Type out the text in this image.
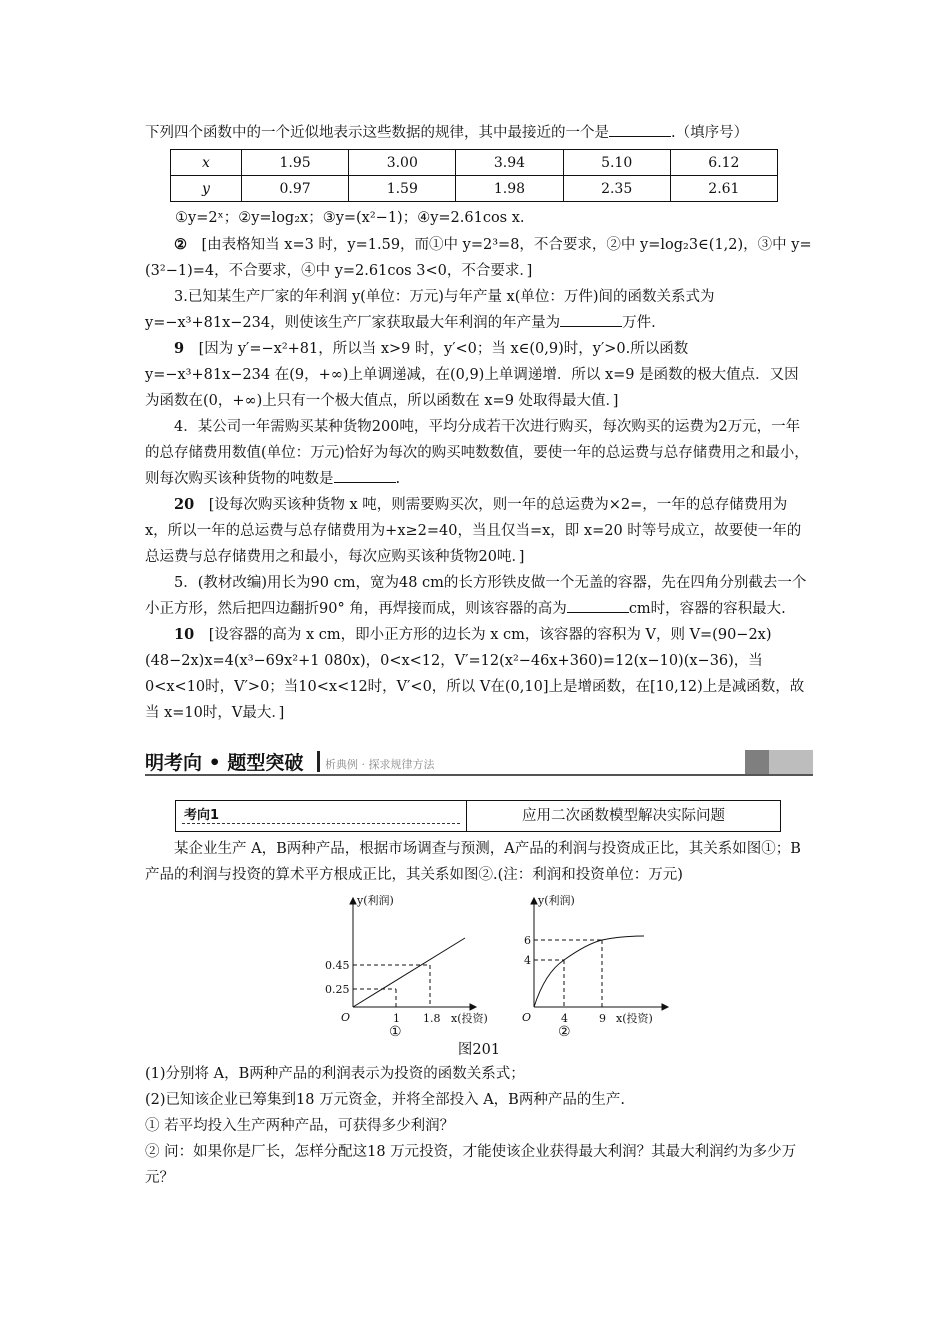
下列四个函数中的一个近似地表示这些数据的规律，其中最接近的一个是	.（填序号）

x	1.95	3.00	3.94	5.10	6.12
y	0.97	1.59	1.98	2.35	2.61

①y=2ˣ；②y=log₂x；③y=(x²−1)；④y=2.61cos x.

②　 [由表格知当 x=3 时，y=1.59，而①中 y=2³=8，不合要求，②中 y=log₂3∈(1,2)，③中 y=(3²−1)=4，不合要求，④中 y=2.61cos 3<0，不合要求．]

3.已知某生产厂家的年利润 y(单位：万元)与年产量 x(单位：万件)间的函数关系式为 y=−x³+81x−234，则使该生产厂家获取最大年利润的年产量为	万件.

9　 [因为 y′=−x²+81，所以当 x>9 时，y′<0；当 x∈(0,9)时，y′>0.所以函数 y=−x³+81x−234 在(9，+∞)上单调递减，在(0,9)上单调递增．所以 x=9 是函数的极大值点．又因为函数在(0，+∞)上只有一个极大值点，所以函数在 x=9 处取得最大值．]

4．某公司一年需购买某种货物200吨，平均分成若干次进行购买，每次购买的运费为2万元，一年的总存储费用数值(单位：万元)恰好为每次的购买吨数数值，要使一年的总运费与总存储费用之和最小，则每次购买该种货物的吨数是	.

20　 [设每次购买该种货物 x 吨，则需要购买次，则一年的总运费为×2=，一年的总存储费用为 x，所以一年的总运费与总存储费用为+x≥2=40，当且仅当=x，即 x=20 时等号成立，故要使一年的总运费与总存储费用之和最小，每次应购买该种货物20吨．]

5．(教材改编)用长为90 cm，宽为48 cm的长方形铁皮做一个无盖的容器，先在四角分别截去一个小正方形，然后把四边翻折90° 角，再焊接而成，则该容器的高为	cm时，容器的容积最大.

10　 [设容器的高为 x cm，即小正方形的边长为 x cm，该容器的容积为 V，则 V=(90−2x)(48−2x)x=4(x³−69x²+1 080x)，0<x<12，V′=12(x²−46x+360)=12(x−10)(x−36)，当0<x<10时，V′>0；当10<x<12时，V′<0，所以 V在(0,10]上是增函数，在[10,12)上是减函数，故当 x=10时，V最大．]

明考向 • 题型突破 析典例 · 探求规律方法
考向1	应用二次函数模型解决实际问题

某企业生产 A，B两种产品，根据市场调查与预测，A产品的利润与投资成正比，其关系如图①；B产品的利润与投资的算术平方根成正比，其关系如图②.(注：利润和投资单位：万元)

y(利润)
0.45
0.25
O	1 1.8 x(投资)
①
y(利润)
6
4
O	4	9 x(投资)
②
图201

(1)分别将 A，B两种产品的利润表示为投资的函数关系式；

(2)已知该企业已筹集到18 万元资金，并将全部投入 A，B两种产品的生产.

① 若平均投入生产两种产品，可获得多少利润？

② 问：如果你是厂长，怎样分配这18 万元投资，才能使该企业获得最大利润？其最大利润约为多少万元？
